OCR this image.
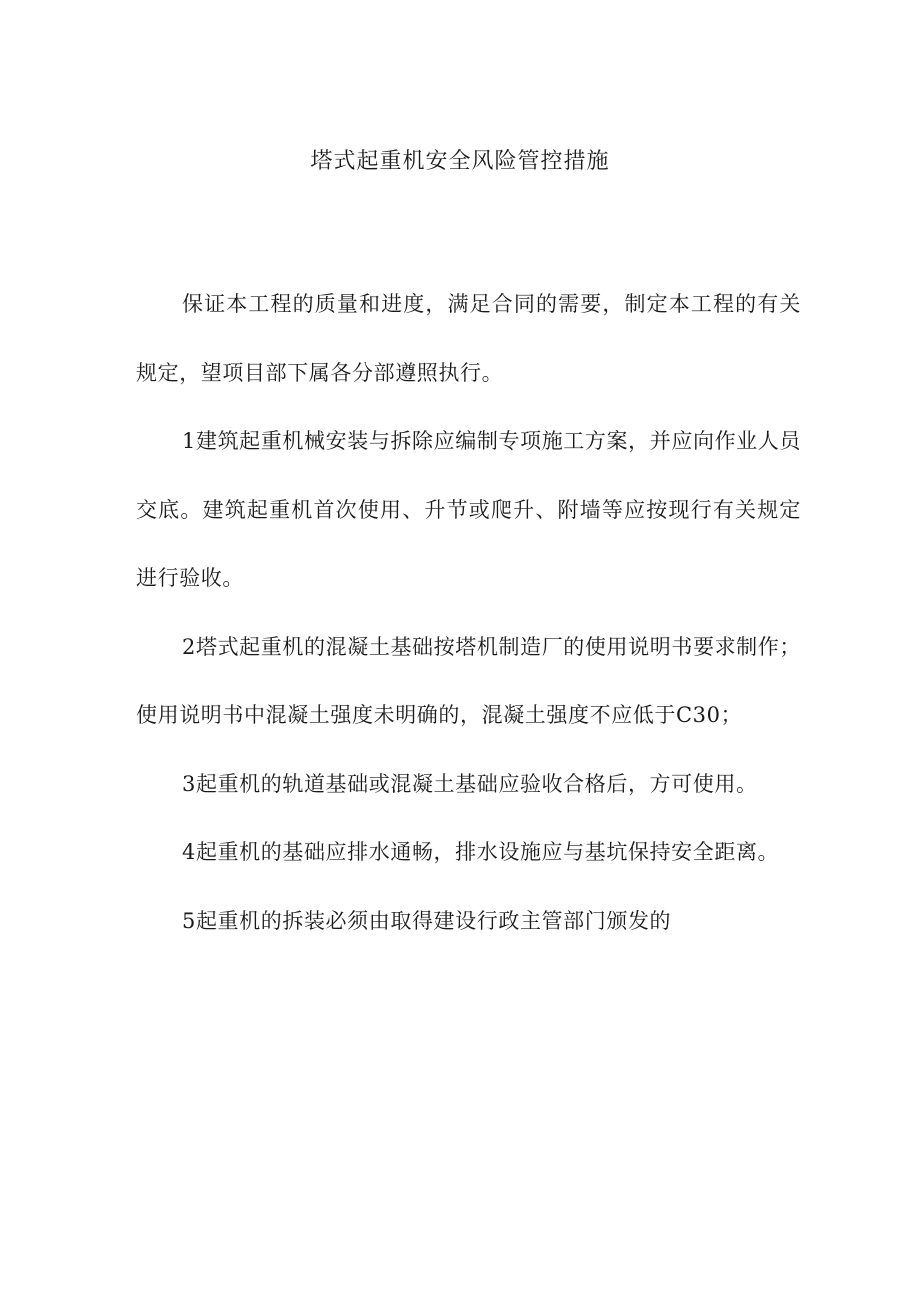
塔式起重机安全风险管控措施

保证本工程的质量和进度，满足合同的需要，制定本工程的有关规定，望项目部下属各分部遵照执行。

1建筑起重机械安装与拆除应编制专项施工方案，并应向作业人员交底。建筑起重机首次使用、升节或爬升、附墙等应按现行有关规定进行验收。

2塔式起重机的混凝土基础按塔机制造厂的使用说明书要求制作；使用说明书中混凝土强度未明确的，混凝土强度不应低于C30；

3起重机的轨道基础或混凝土基础应验收合格后，方可使用。

4起重机的基础应排水通畅，排水设施应与基坑保持安全距离。

5起重机的拆装必须由取得建设行政主管部门颁发的
